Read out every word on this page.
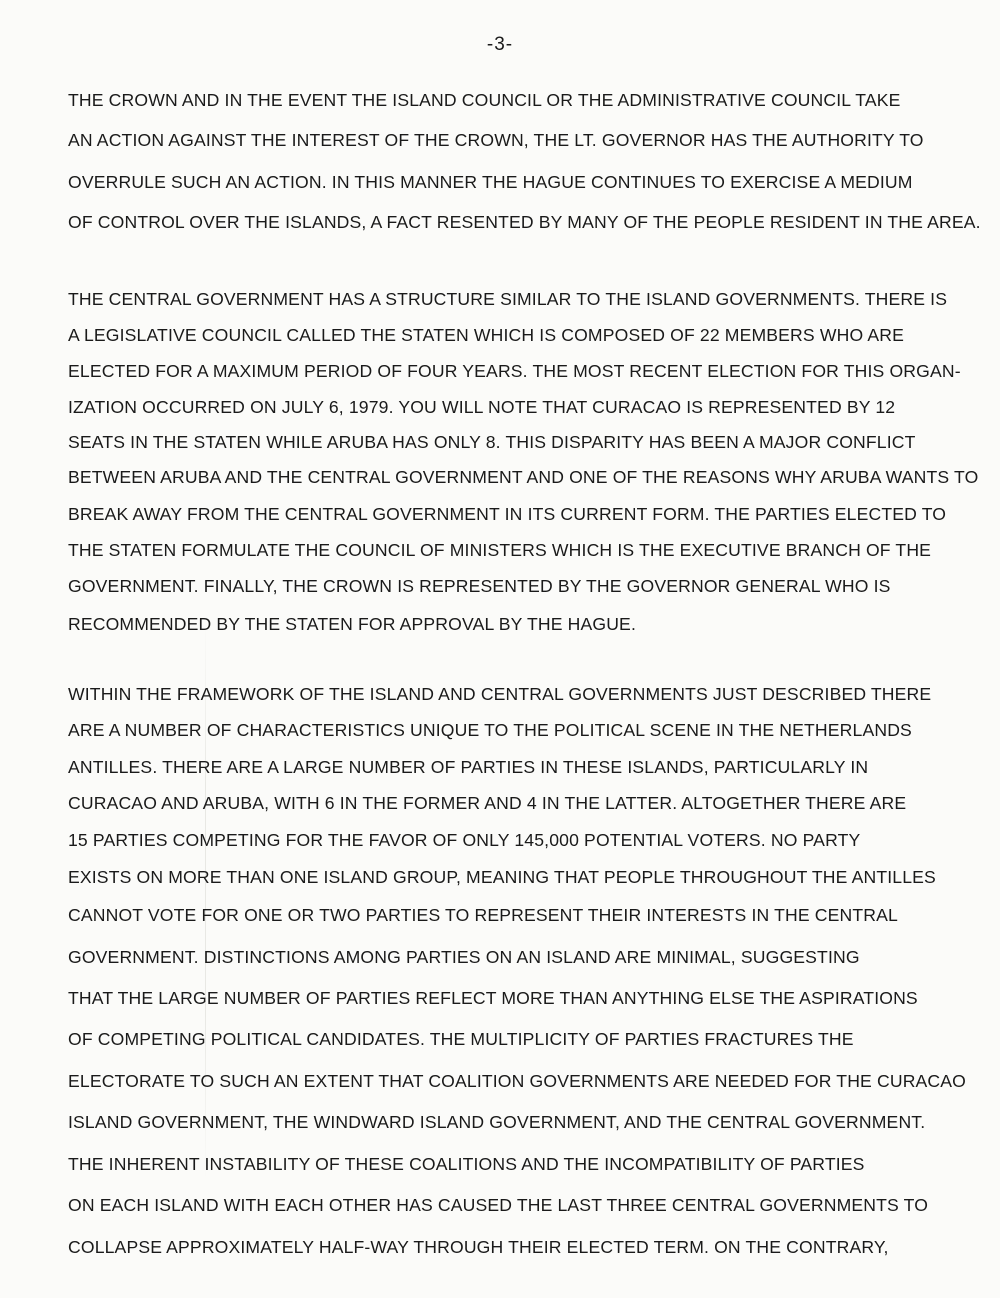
-3-
THE CROWN AND IN THE EVENT THE ISLAND COUNCIL OR THE ADMINISTRATIVE COUNCIL TAKE
AN ACTION AGAINST THE INTEREST OF THE CROWN, THE LT. GOVERNOR HAS THE AUTHORITY TO
OVERRULE SUCH AN ACTION. IN THIS MANNER THE HAGUE CONTINUES TO EXERCISE A MEDIUM
OF CONTROL OVER THE ISLANDS, A FACT RESENTED BY MANY OF THE PEOPLE RESIDENT IN THE AREA.
THE CENTRAL GOVERNMENT HAS A STRUCTURE SIMILAR TO THE ISLAND GOVERNMENTS. THERE IS
A LEGISLATIVE COUNCIL CALLED THE STATEN WHICH IS COMPOSED OF 22 MEMBERS WHO ARE
ELECTED FOR A MAXIMUM PERIOD OF FOUR YEARS. THE MOST RECENT ELECTION FOR THIS ORGAN-
IZATION OCCURRED ON JULY 6, 1979. YOU WILL NOTE THAT CURACAO IS REPRESENTED BY 12
SEATS IN THE STATEN WHILE ARUBA HAS ONLY 8. THIS DISPARITY HAS BEEN A MAJOR CONFLICT
BETWEEN ARUBA AND THE CENTRAL GOVERNMENT AND ONE OF THE REASONS WHY ARUBA WANTS TO
BREAK AWAY FROM THE CENTRAL GOVERNMENT IN ITS CURRENT FORM. THE PARTIES ELECTED TO
THE STATEN FORMULATE THE COUNCIL OF MINISTERS WHICH IS THE EXECUTIVE BRANCH OF THE
GOVERNMENT. FINALLY, THE CROWN IS REPRESENTED BY THE GOVERNOR GENERAL WHO IS
RECOMMENDED BY THE STATEN FOR APPROVAL BY THE HAGUE.
WITHIN THE FRAMEWORK OF THE ISLAND AND CENTRAL GOVERNMENTS JUST DESCRIBED THERE
ARE A NUMBER OF CHARACTERISTICS UNIQUE TO THE POLITICAL SCENE IN THE NETHERLANDS
ANTILLES. THERE ARE A LARGE NUMBER OF PARTIES IN THESE ISLANDS, PARTICULARLY IN
CURACAO AND ARUBA, WITH 6 IN THE FORMER AND 4 IN THE LATTER. ALTOGETHER THERE ARE
15 PARTIES COMPETING FOR THE FAVOR OF ONLY 145,000 POTENTIAL VOTERS. NO PARTY
EXISTS ON MORE THAN ONE ISLAND GROUP, MEANING THAT PEOPLE THROUGHOUT THE ANTILLES
CANNOT VOTE FOR ONE OR TWO PARTIES TO REPRESENT THEIR INTERESTS IN THE CENTRAL
GOVERNMENT. DISTINCTIONS AMONG PARTIES ON AN ISLAND ARE MINIMAL, SUGGESTING
THAT THE LARGE NUMBER OF PARTIES REFLECT MORE THAN ANYTHING ELSE THE ASPIRATIONS
OF COMPETING POLITICAL CANDIDATES. THE MULTIPLICITY OF PARTIES FRACTURES THE
ELECTORATE TO SUCH AN EXTENT THAT COALITION GOVERNMENTS ARE NEEDED FOR THE CURACAO
ISLAND GOVERNMENT, THE WINDWARD ISLAND GOVERNMENT, AND THE CENTRAL GOVERNMENT.
THE INHERENT INSTABILITY OF THESE COALITIONS AND THE INCOMPATIBILITY OF PARTIES
ON EACH ISLAND WITH EACH OTHER HAS CAUSED THE LAST THREE CENTRAL GOVERNMENTS TO
COLLAPSE APPROXIMATELY HALF-WAY THROUGH THEIR ELECTED TERM. ON THE CONTRARY,
